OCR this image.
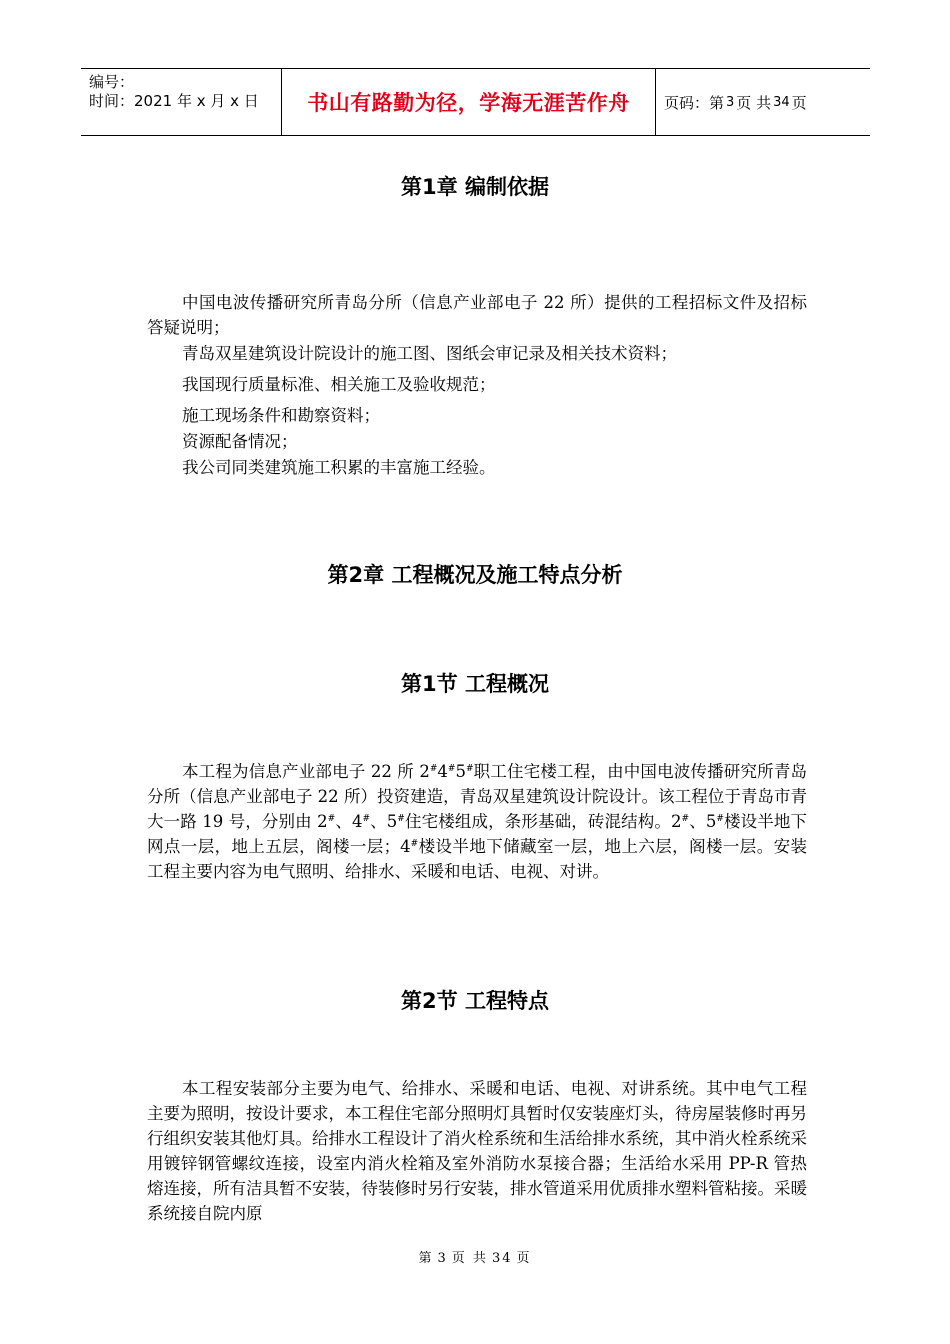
编号：
时间：2021 年 x 月 x 日	书山有路勤为径，学海无涯苦作舟	页码：第 3 页 共 34 页
第1章 编制依据

中国电波传播研究所青岛分所（信息产业部电子 22 所）提供的工程招标文件及招标答疑说明；

青岛双星建筑设计院设计的施工图、图纸会审记录及相关技术资料；

我国现行质量标准、相关施工及验收规范；

施工现场条件和勘察资料；

资源配备情况；

我公司同类建筑施工积累的丰富施工经验。

第2章 工程概况及施工特点分析
第1节 工程概况

本工程为信息产业部电子 22 所 2#4#5#职工住宅楼工程，由中国电波传播研究所青岛分所（信息产业部电子 22 所）投资建造，青岛双星建筑设计院设计。该工程位于青岛市青大一路 19 号，分别由 2#、4#、5#住宅楼组成，条形基础，砖混结构。2#、5#楼设半地下网点一层，地上五层，阁楼一层；4#楼设半地下储藏室一层，地上六层，阁楼一层。安装工程主要内容为电气照明、给排水、采暖和电话、电视、对讲。

第2节 工程特点

本工程安装部分主要为电气、给排水、采暖和电话、电视、对讲系统。其中电气工程主要为照明，按设计要求，本工程住宅部分照明灯具暂时仅安装座灯头，待房屋装修时再另行组织安装其他灯具。给排水工程设计了消火栓系统和生活给排水系统，其中消火栓系统采用镀锌钢管螺纹连接，设室内消火栓箱及室外消防水泵接合器；生活给水采用 PP-R 管热熔连接，所有洁具暂不安装，待装修时另行安装，排水管道采用优质排水塑料管粘接。采暖系统接自院内原

第 3 页 共 34 页
